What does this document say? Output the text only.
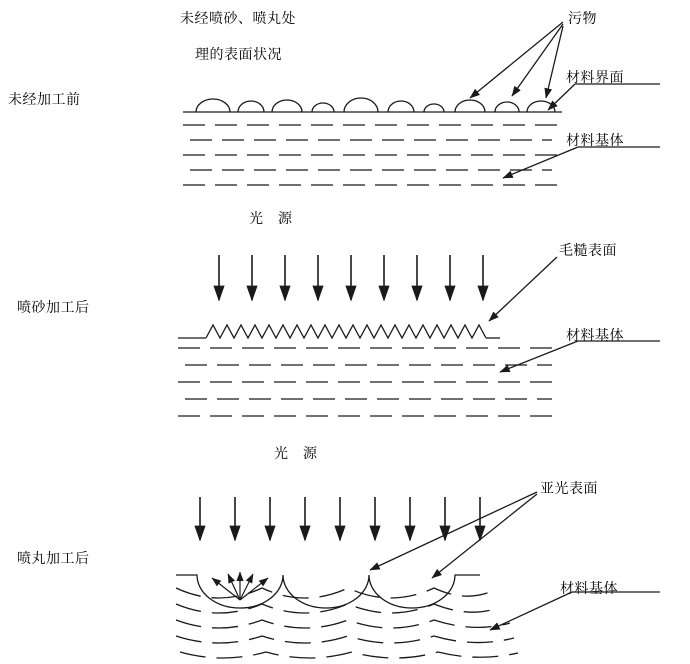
未经喷砂、喷丸处
理的表面状况
未经加工前
喷砂加工后
喷丸加工后
污物
材料界面
材料基体
光　源
毛糙表面
材料基体
光　源
亚光表面
材料基体
